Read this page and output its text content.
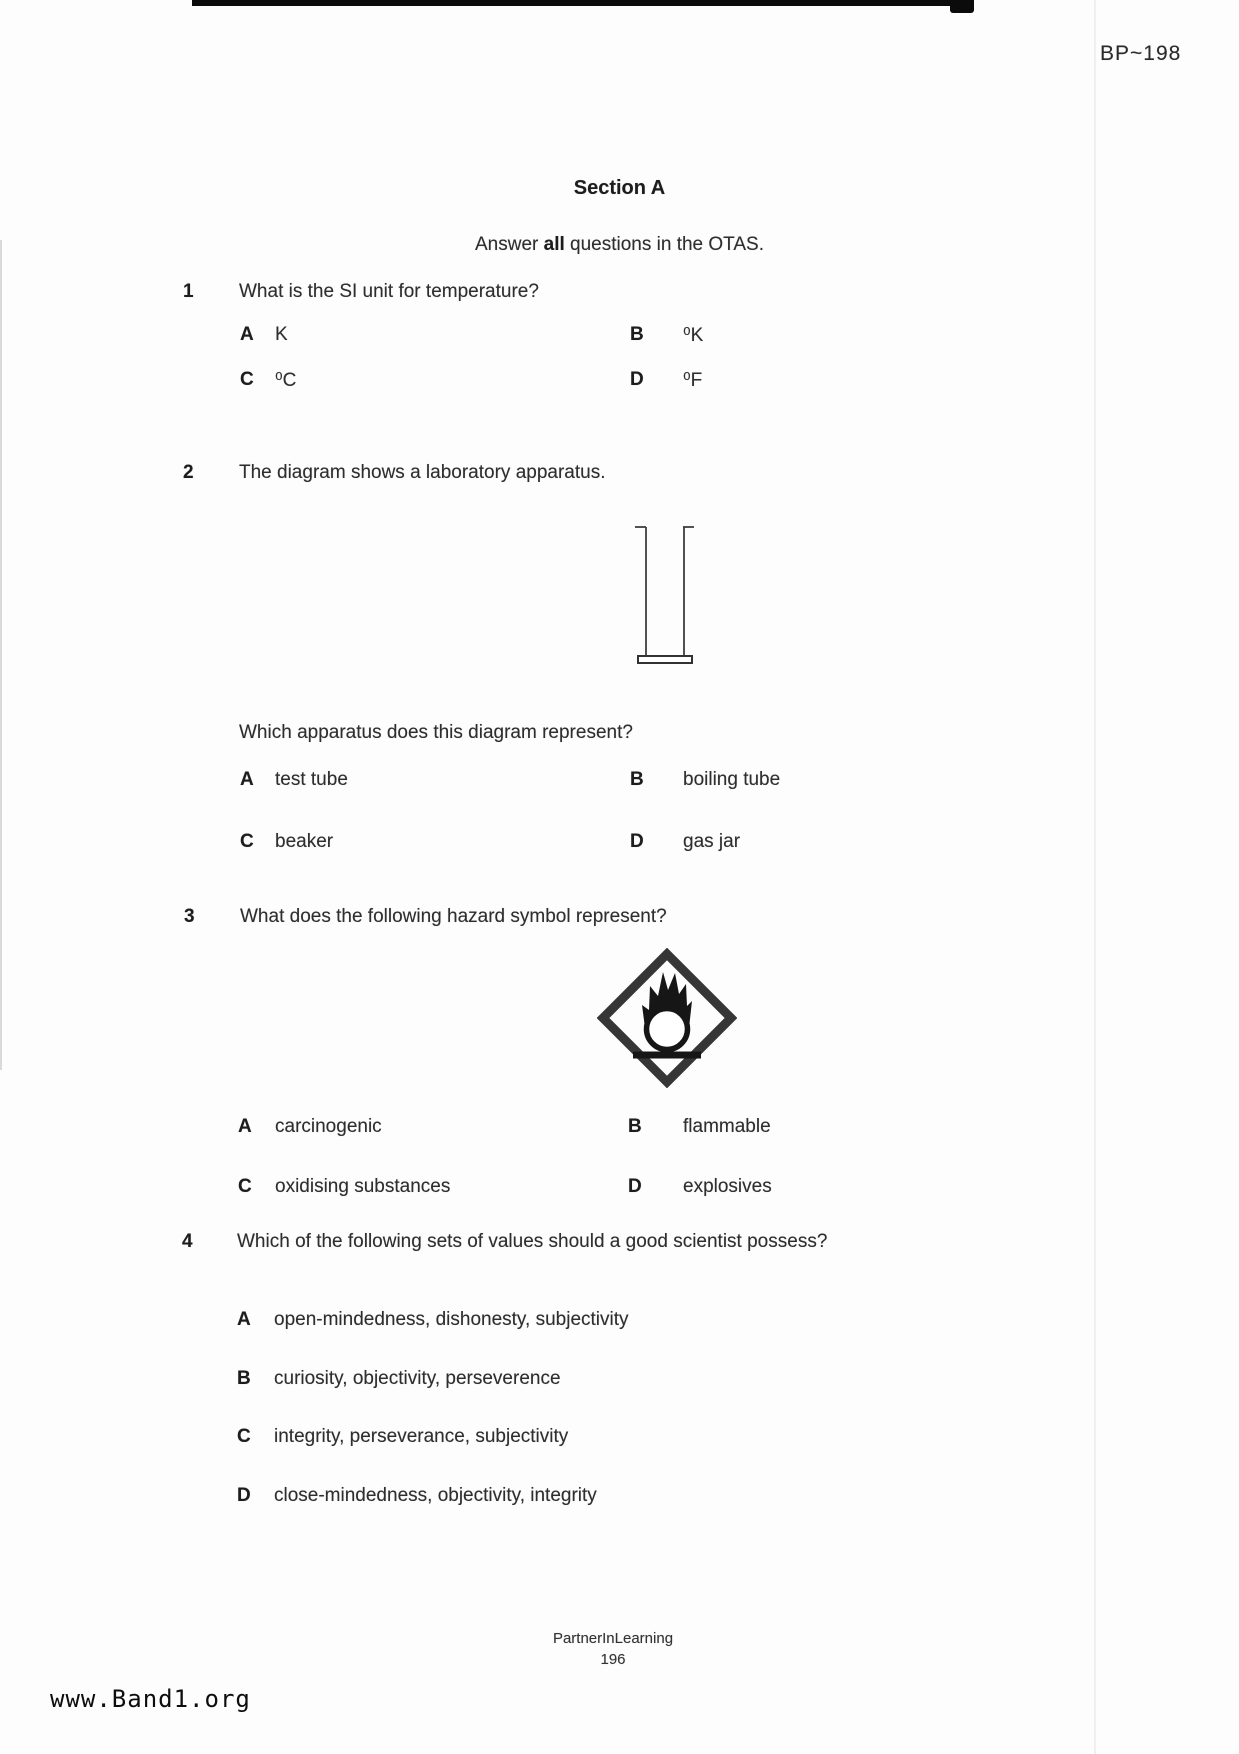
BP~198
Section A
Answer all questions in the OTAS.
1 What is the SI unit for temperature?
A K	B ⁰K
C ⁰C	D ⁰F
2 The diagram shows a laboratory apparatus.
Which apparatus does this diagram represent?
A test tube	B boiling tube
C beaker	D gas jar
3 What does the following hazard symbol represent?
A carcinogenic	B flammable
C oxidising substances	D explosives
4 Which of the following sets of values should a good scientist possess?
A open-mindedness, dishonesty, subjectivity
B curiosity, objectivity, perseverence
C integrity, perseverance, subjectivity
D close-mindedness, objectivity, integrity
PartnerInLearning
196
www.Band1.org
